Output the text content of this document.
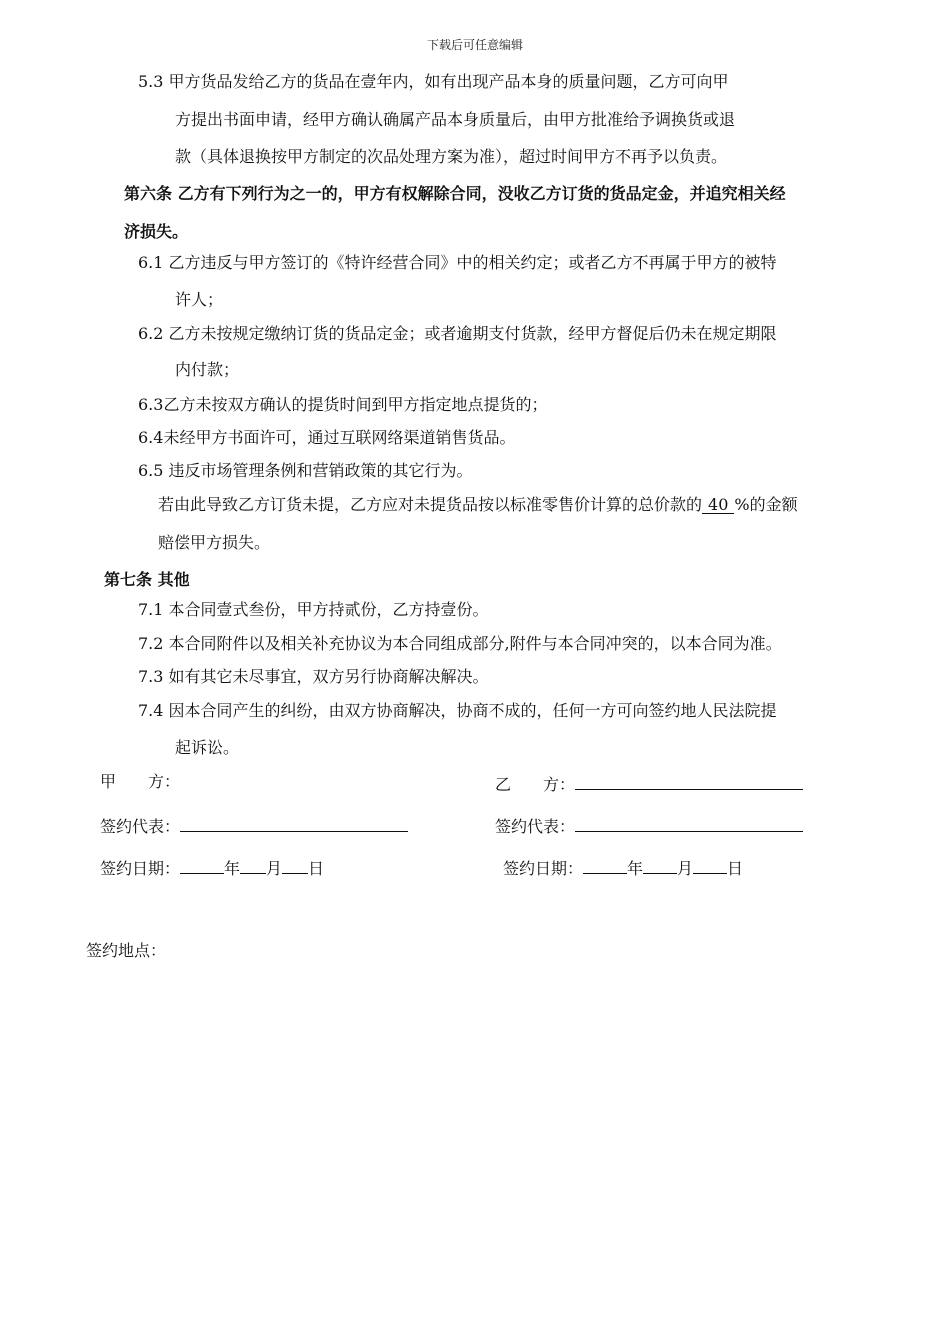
下载后可任意编辑
5.3 甲方货品发给乙方的货品在壹年内，如有出现产品本身的质量问题，乙方可向甲
方提出书面申请，经甲方确认确属产品本身质量后，由甲方批准给予调换货或退
款（具体退换按甲方制定的次品处理方案为准），超过时间甲方不再予以负责。
第六条 乙方有下列行为之一的，甲方有权解除合同，没收乙方订货的货品定金，并追究相关经
济损失。
6.1 乙方违反与甲方签订的《特许经营合同》中的相关约定；或者乙方不再属于甲方的被特
许人；
6.2 乙方未按规定缴纳订货的货品定金；或者逾期支付货款，经甲方督促后仍未在规定期限
内付款；
6.3乙方未按双方确认的提货时间到甲方指定地点提货的；
6.4未经甲方书面许可，通过互联网络渠道销售货品。
6.5 违反市场管理条例和营销政策的其它行为。
若由此导致乙方订货未提，乙方应对未提货品按以标准零售价计算的总价款的 40 %的金额
赔偿甲方损失。
第七条 其他
7.1 本合同壹式叁份，甲方持贰份，乙方持壹份。
7.2 本合同附件以及相关补充协议为本合同组成部分,附件与本合同冲突的，以本合同为准。
7.3 如有其它未尽事宜，双方另行协商解决解决。
7.4 因本合同产生的纠纷，由双方协商解决，协商不成的，任何一方可向签约地人民法院提
起诉讼。
甲　　方：	乙　　方：
签约代表：	签约代表：
签约日期：	年 月 日	签约日期：	年 月 日
签约地点：
